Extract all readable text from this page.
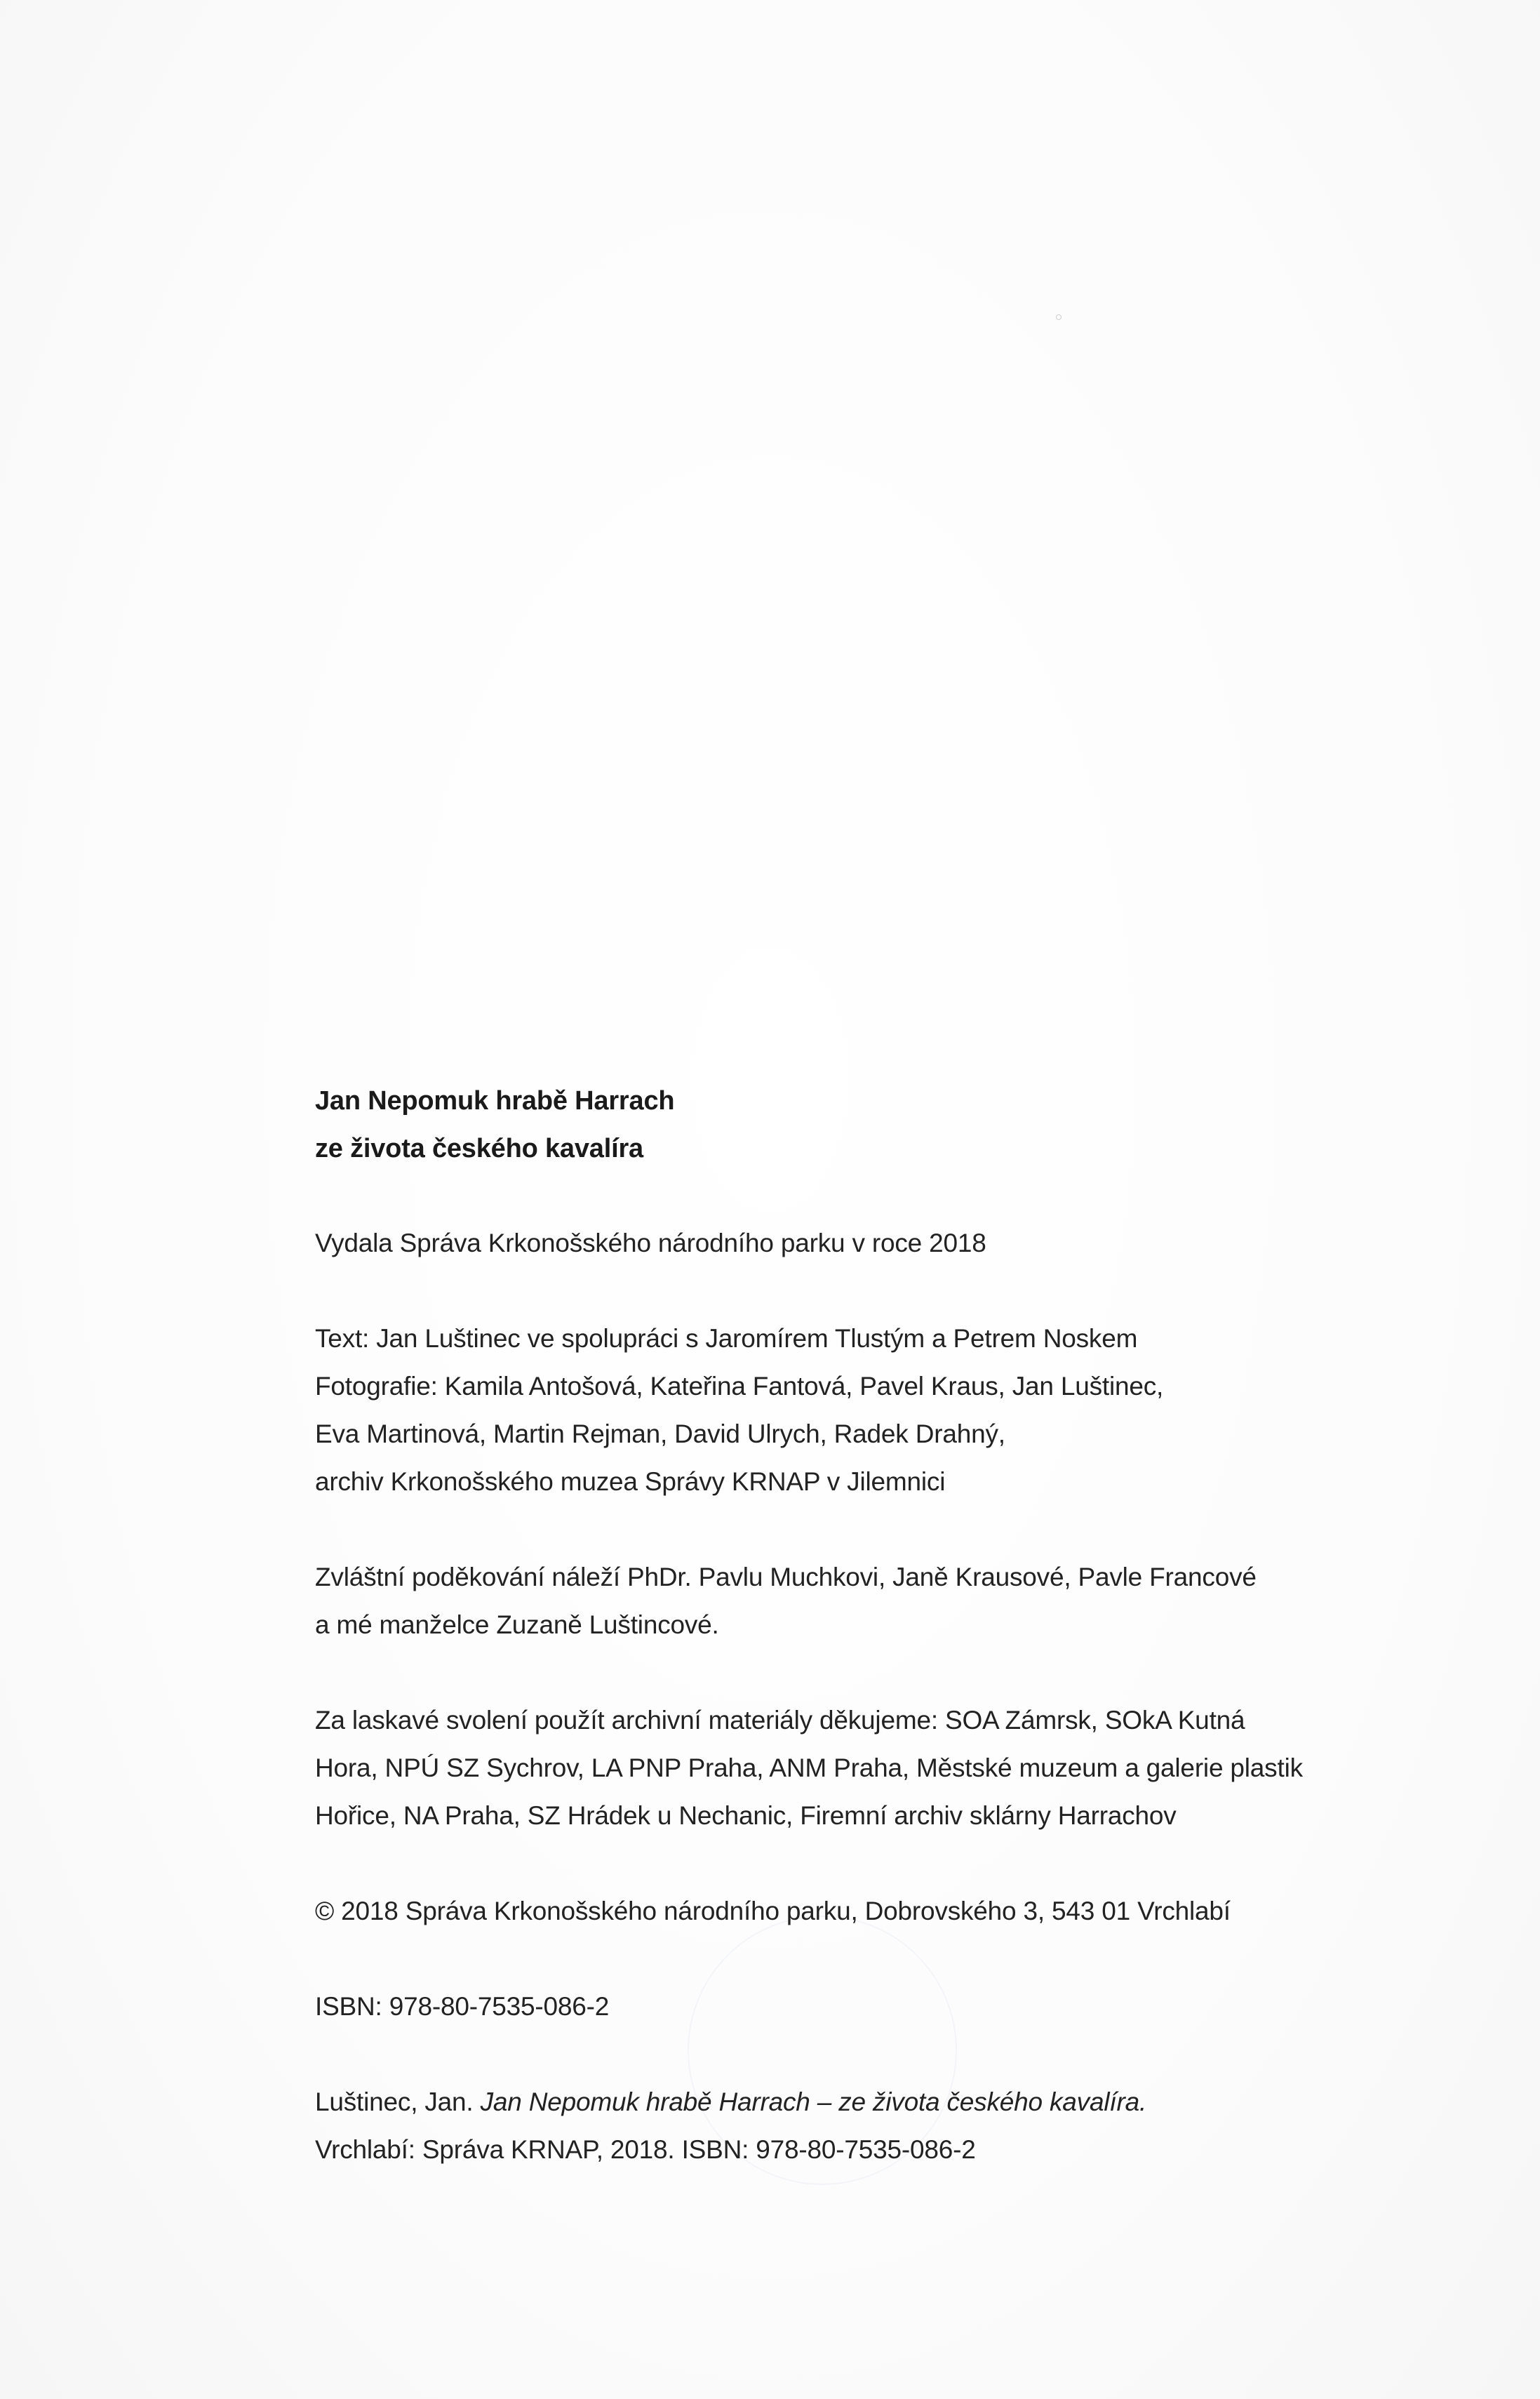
Jan Nepomuk hrabě Harrach
ze života českého kavalíra
Vydala Správa Krkonošského národního parku v roce 2018
Text: Jan Luštinec ve spolupráci s Jaromírem Tlustým a Petrem Noskem
Fotografie: Kamila Antošová, Kateřina Fantová, Pavel Kraus, Jan Luštinec,
Eva Martinová, Martin Rejman, David Ulrych, Radek Drahný,
archiv Krkonošského muzea Správy KRNAP v Jilemnici
Zvláštní poděkování náleží PhDr. Pavlu Muchkovi, Janě Krausové, Pavle Francové
a mé manželce Zuzaně Luštincové.
Za laskavé svolení použít archivní materiály děkujeme: SOA Zámrsk, SOkA Kutná
Hora, NPÚ SZ Sychrov, LA PNP Praha, ANM Praha, Městské muzeum a galerie plastik
Hořice, NA Praha, SZ Hrádek u Nechanic, Firemní archiv sklárny Harrachov
© 2018 Správa Krkonošského národního parku, Dobrovského 3, 543 01 Vrchlabí
ISBN: 978-80-7535-086-2
Luštinec, Jan. Jan Nepomuk hrabě Harrach – ze života českého kavalíra.
Vrchlabí: Správa KRNAP, 2018. ISBN: 978-80-7535-086-2
